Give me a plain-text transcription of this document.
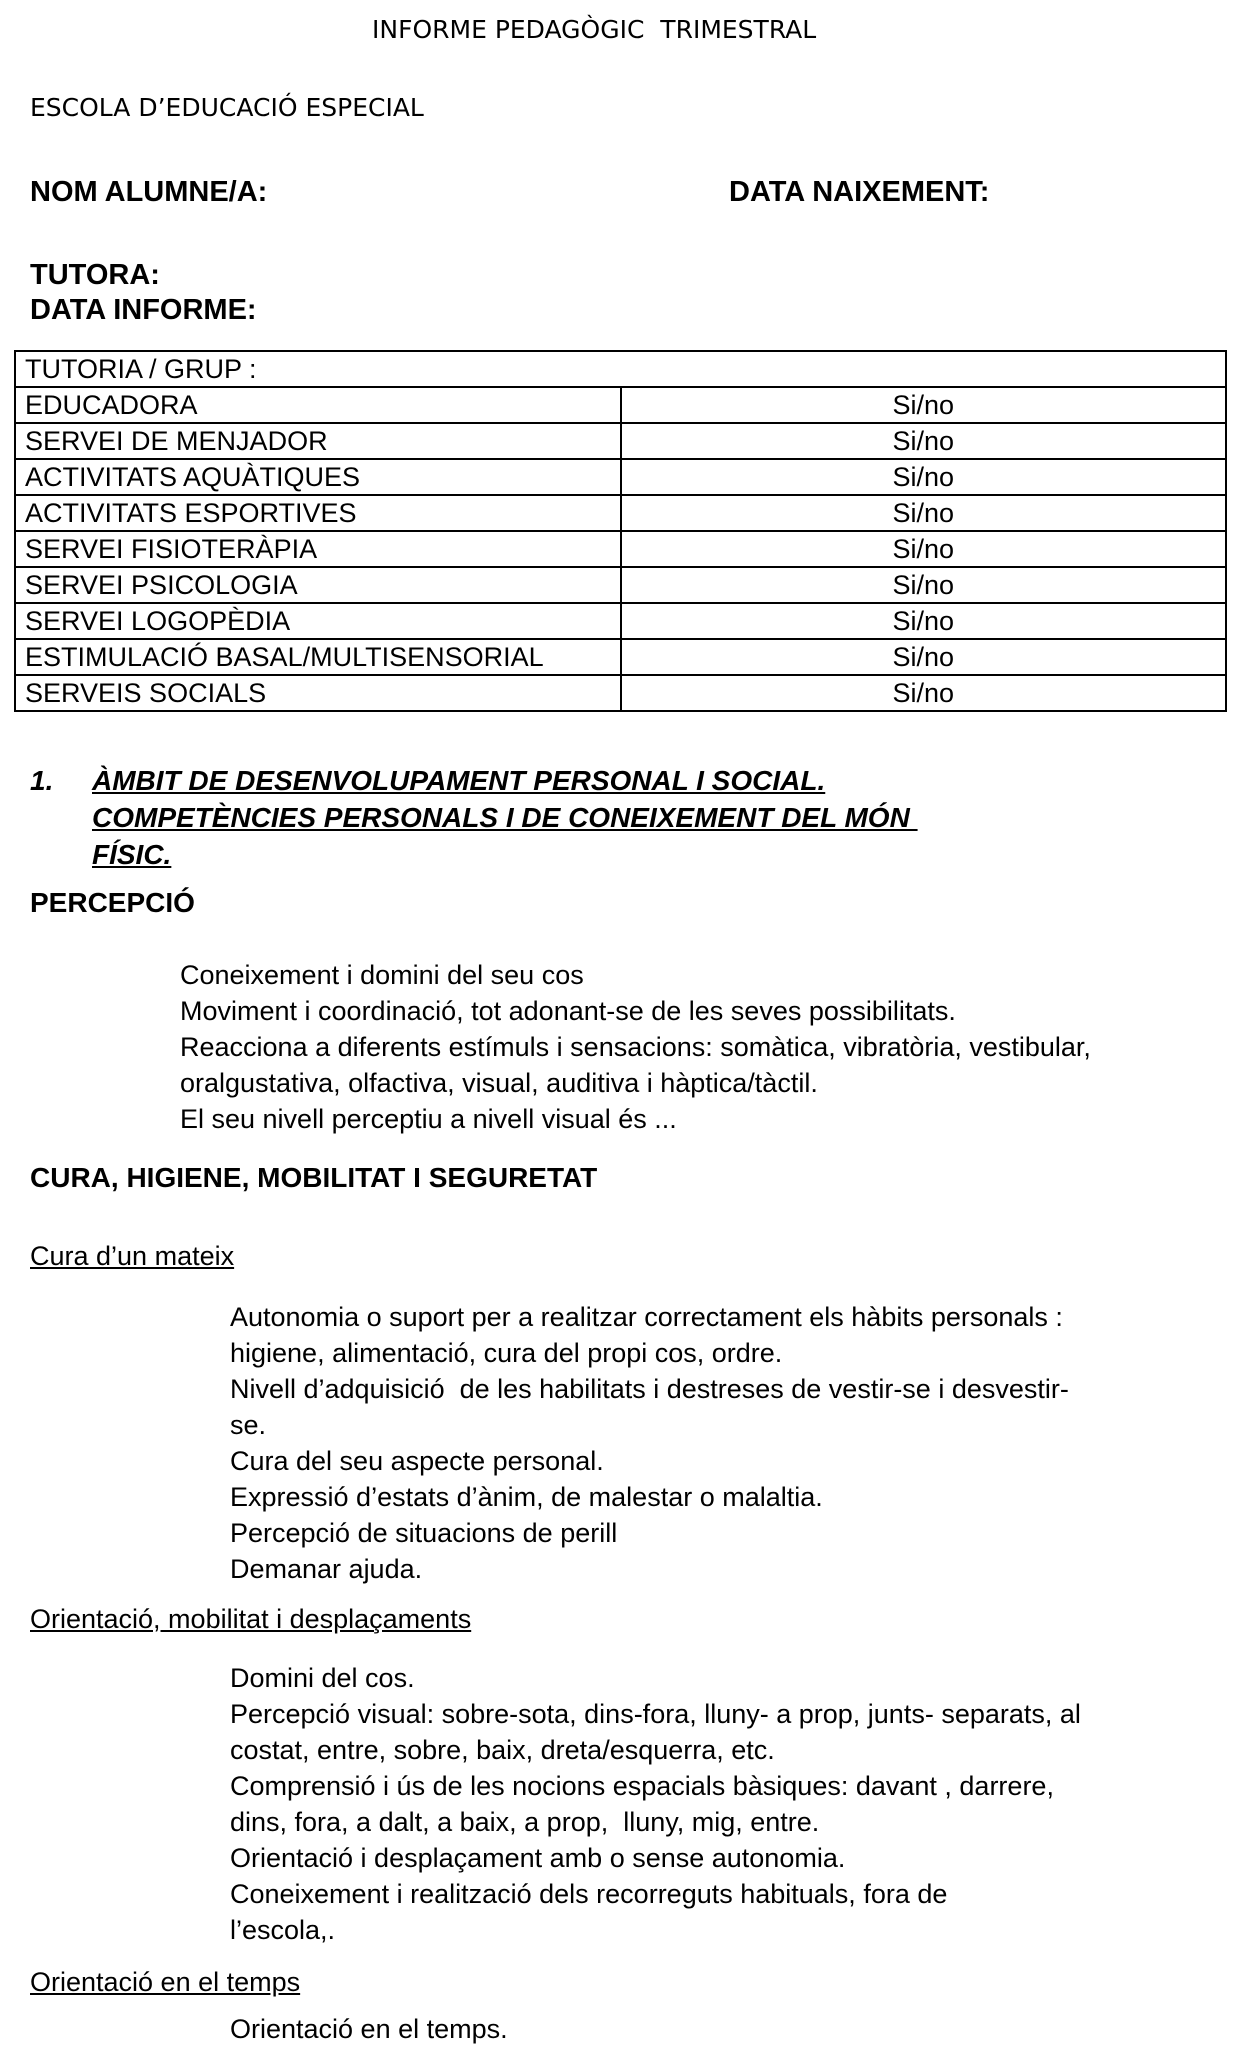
INFORME PEDAGÒGIC  TRIMESTRAL
ESCOLA D’EDUCACIÓ ESPECIAL
NOM ALUMNE/A:	DATA NAIXEMENT:
TUTORA:
DATA INFORME:
TUTORIA / GRUP :	
EDUCADORA	Si/no
SERVEI DE MENJADOR	Si/no
ACTIVITATS AQUÀTIQUES	Si/no
ACTIVITATS ESPORTIVES	Si/no
SERVEI FISIOTERÀPIA	Si/no
SERVEI PSICOLOGIA	Si/no
SERVEI LOGOPÈDIA	Si/no
ESTIMULACIÓ BASAL/MULTISENSORIAL	Si/no
SERVEIS SOCIALS	Si/no
1.	ÀMBIT DE DESENVOLUPAMENT PERSONAL I SOCIAL.
COMPETÈNCIES PERSONALS I DE CONEIXEMENT DEL MÓN
FÍSIC.
PERCEPCIÓ
Coneixement i domini del seu cos
Moviment i coordinació, tot adonant-se de les seves possibilitats.
Reacciona a diferents estímuls i sensacions: somàtica, vibratòria, vestibular,
oralgustativa, olfactiva, visual, auditiva i hàptica/tàctil.
El seu nivell perceptiu a nivell visual és ...
CURA, HIGIENE, MOBILITAT I SEGURETAT
Cura d’un mateix
Autonomia o suport per a realitzar correctament els hàbits personals :
higiene, alimentació, cura del propi cos, ordre.
Nivell d’adquisició  de les habilitats i destreses de vestir-se i desvestir-
se.
Cura del seu aspecte personal.
Expressió d’estats d’ànim, de malestar o malaltia.
Percepció de situacions de perill
Demanar ajuda.
Orientació, mobilitat i desplaçaments
Domini del cos.
Percepció visual: sobre-sota, dins-fora, lluny- a prop, junts- separats, al
costat, entre, sobre, baix, dreta/esquerra, etc.
Comprensió i ús de les nocions espacials bàsiques: davant , darrere,
dins, fora, a dalt, a baix, a prop,  lluny, mig, entre.
Orientació i desplaçament amb o sense autonomia.
Coneixement i realització dels recorreguts habituals, fora de
l’escola,.
Orientació en el temps
Orientació en el temps.
